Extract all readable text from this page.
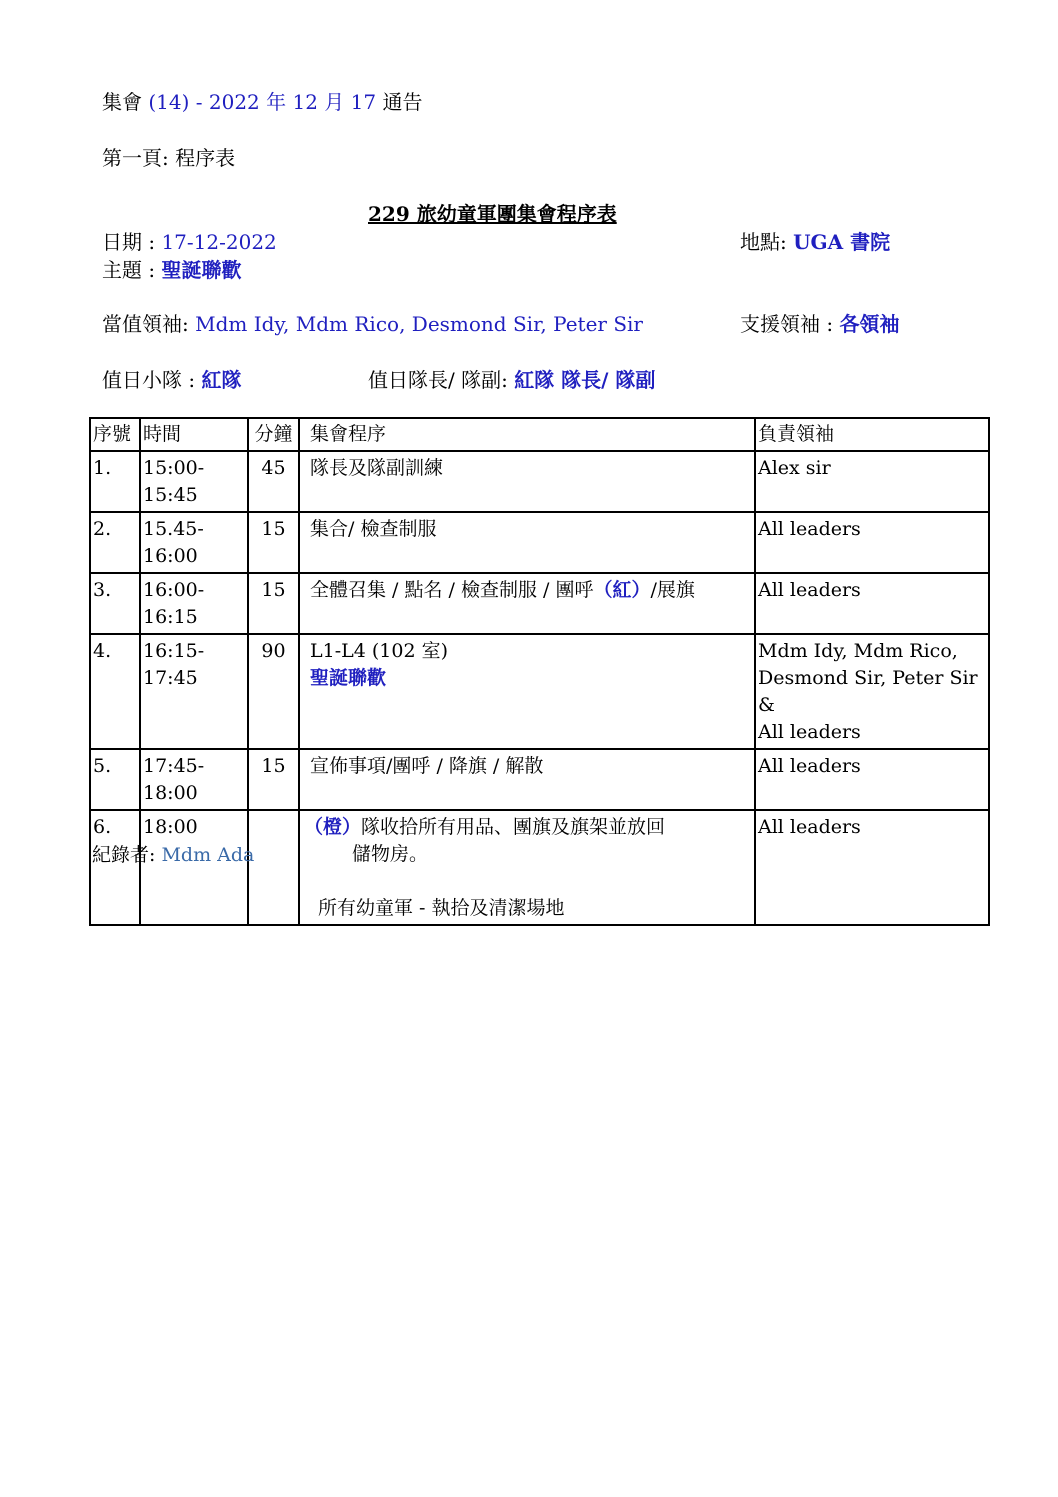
集會 (14) - 2022 年 12 月 17 通告
第一頁: 程序表
229 旅幼童軍團集會程序表
日期 : 17-12-2022	地點: UGA 書院
主題 : 聖誕聯歡
當值領袖: Mdm Idy, Mdm Rico, Desmond Sir, Peter Sir	支援領袖 : 各領袖
值日小隊 : 紅隊	值日隊長/ 隊副: 紅隊 隊長/ 隊副
序號	時間	分鐘	集會程序	負責領袖
1.	15:00-15:45	45	隊長及隊副訓練	Alex sir
2.	15.45-16:00	15	集合/ 檢查制服	All leaders
3.	16:00-16:15	15	全體召集 / 點名 / 檢查制服 / 團呼（紅）/展旗	All leaders
4.	16:15-17:45	90	L1-L4 (102 室)
聖誕聯歡	Mdm Idy, Mdm Rico,
Desmond Sir, Peter Sir &
All leaders

5.	17:45-18:00	15	宣佈事項/團呼 / 降旗 / 解散	All leaders
6.	18:00		（橙）隊收拾所有用品、團旗及旗架並放回
儲物房。
所有幼童軍 - 執拾及清潔場地	All leaders
紀錄者: Mdm Ada
